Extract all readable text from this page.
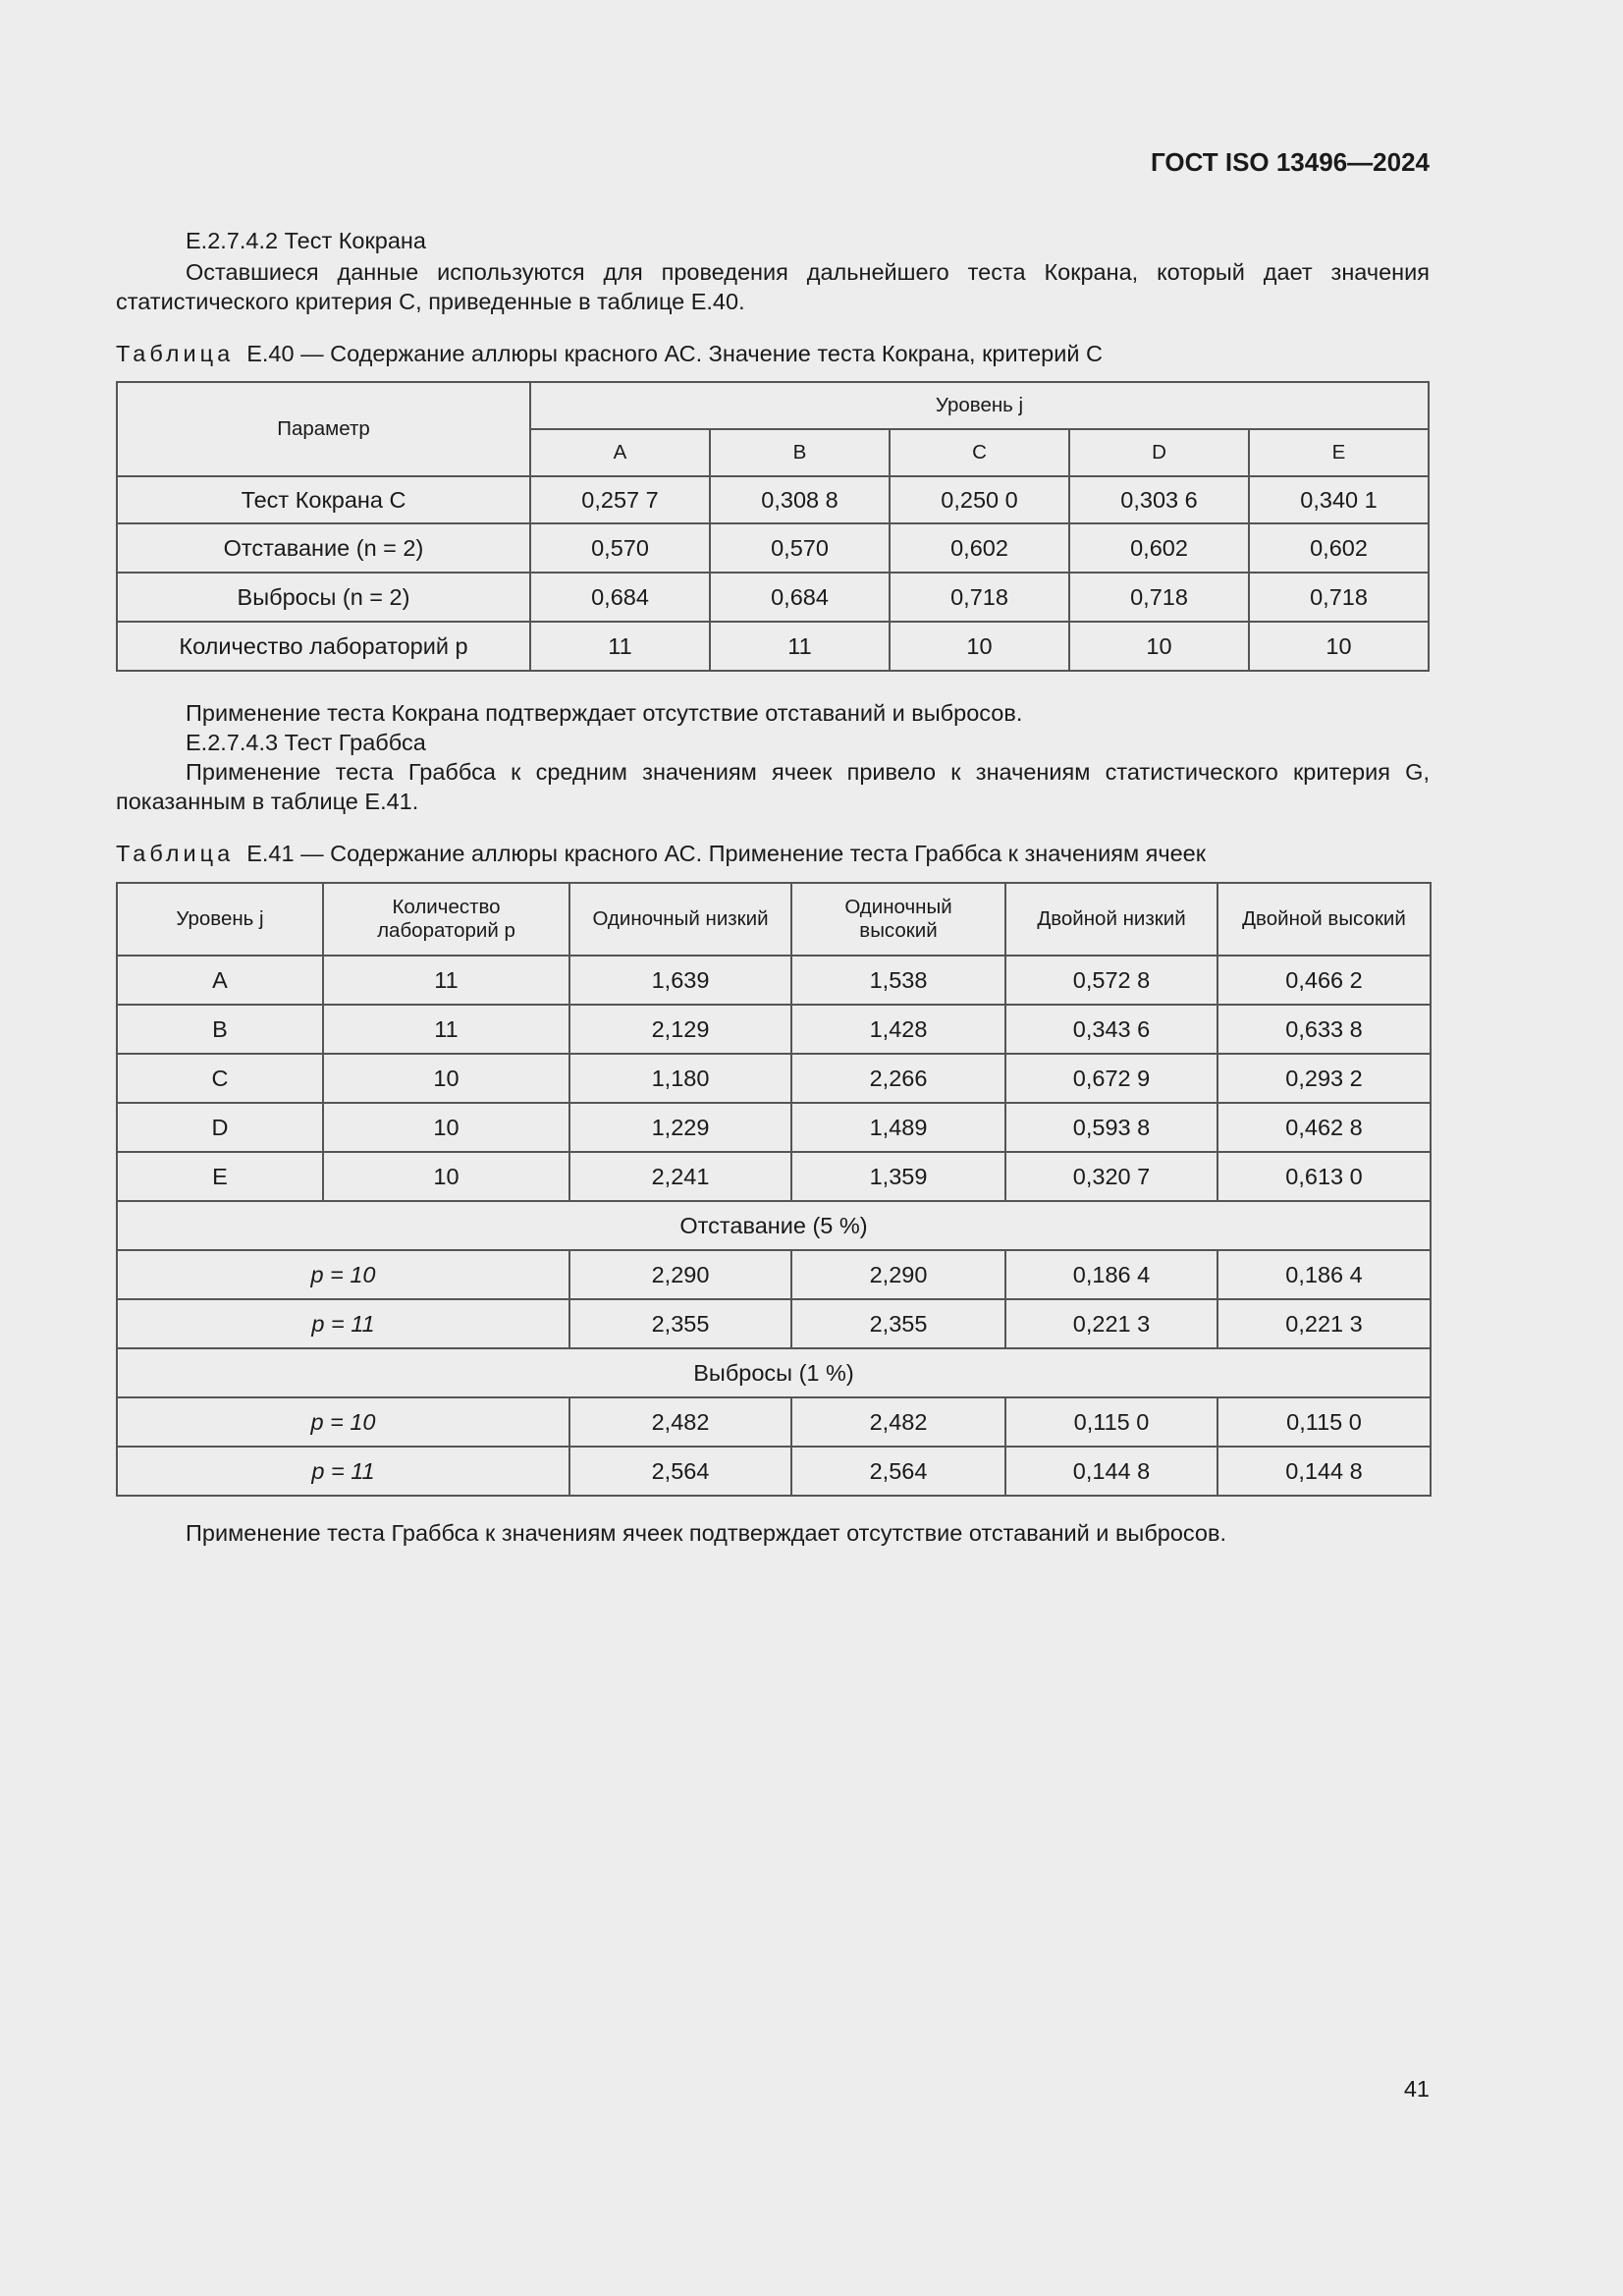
ГОСТ ISO 13496—2024
E.2.7.4.2 Тест Кокрана
Оставшиеся данные используются для проведения дальнейшего теста Кокрана, который дает значения статистического критерия С, приведенные в таблице Е.40.
Таблица Е.40 — Содержание аллюры красного АС. Значение теста Кокрана, критерий C
Параметр	Уровень j				
	A	B	C	D	E
Тест Кокрана C	0,257 7	0,308 8	0,250 0	0,303 6	0,340 1
Отставание (n = 2)	0,570	0,570	0,602	0,602	0,602
Выбросы (n = 2)	0,684	0,684	0,718	0,718	0,718
Количество лабораторий p	11	11	10	10	10
Применение теста Кокрана подтверждает отсутствие отставаний и выбросов.
E.2.7.4.3 Тест Граббса
Применение теста Граббса к средним значениям ячеек привело к значениям статистического критерия G, показанным в таблице Е.41.
Таблица Е.41 — Содержание аллюры красного АС. Применение теста Граббса к значениям ячеек
Уровень j	Количество лабораторий p	Одиночный низкий	Одиночный высокий	Двойной низкий	Двойной высокий
A	11	1,639	1,538	0,572 8	0,466 2
B	11	2,129	1,428	0,343 6	0,633 8
C	10	1,180	2,266	0,672 9	0,293 2
D	10	1,229	1,489	0,593 8	0,462 8
E	10	2,241	1,359	0,320 7	0,613 0
Отставание (5 %)					
p = 10		2,290	2,290	0,186 4	0,186 4
p = 11		2,355	2,355	0,221 3	0,221 3
Выбросы (1 %)					
p = 10		2,482	2,482	0,115 0	0,115 0
p = 11		2,564	2,564	0,144 8	0,144 8
Применение теста Граббса к значениям ячеек подтверждает отсутствие отставаний и выбросов.
41
